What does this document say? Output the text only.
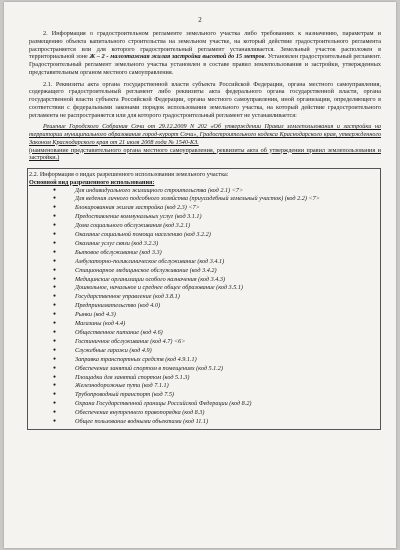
2

2. Информация о градостроительном регламенте земельного участка либо требованиях к назначению, параметрам и размещению объекта капитального строительства на земельном участке, на который действие градостроительного регламента распространяется или для которого градостроительный регламент устанавливается. Земельный участок расположен в территориальной зоне Ж – 2 - малоэтажная жилая застройка высотой до 15 метров. Установлен градостроительный регламент. Градостроительный регламент земельного участка установлен в составе правил землепользования и застройки, утвержденных представительным органом местного самоуправления.

2.1. Реквизиты акта органа государственной власти субъекта Российской Федерации, органа местного самоуправления, содержащего градостроительный регламент либо реквизиты акта федерального органа государственной власти, органа государственной власти субъекта Российской Федерации, органа местного самоуправления, иной организации, определяющего в соответствии с федеральными законами порядок использования земельного участка, на который действие градостроительного регламента не распространяется или для которого градостроительный регламент не устанавливается:

Решение Городского Собрания Сочи от 29.12.2009 N 202 «Об утверждении Правил землепользования и застройки на территории муниципального образования город-курорт Сочи», Градостроительного кодекса Краснодарского края, утвержденного Законом Краснодарского края от 21 июля 2008 года № 1540-КЗ.

(наименование представительного органа местного самоуправления, реквизиты акта об утверждении правил землепользования и застройки.)

2.2. Информация о видах разрешенного использования земельного участка:

Основной вид разрешенного использования:

●	Для индивидуального жилищного строительства (код 2.1) <7>
●	Для ведения личного подсобного хозяйства (приусадебный земельный участок) (код 2.2) <7>
●	Блокированная жилая застройка (код 2.3) <7>
●	Предоставление коммунальных услуг (код 3.1.1)
●	Дома социального обслуживания (код 3.2.1)
●	Оказание социальной помощи населению (код 3.2.2)
●	Оказание услуг связи (код 3.2.3)
●	Бытовое обслуживание (код 3.3)
●	Амбулаторно-поликлиническое обслуживание (код 3.4.1)
●	Стационарное медицинское обслуживание (код 3.4.2)
●	Медицинские организации особого назначения (код 3.4.3)
●	Дошкольное, начальное и среднее общее образование (код 3.5.1)
●	Государственное управление (код 3.8.1)
●	Предпринимательство (код 4.0)
●	Рынки (код 4.3)
●	Магазины (код 4.4)
●	Общественное питание (код 4.6)
●	Гостиничное обслуживание (код 4.7) <6>
●	Служебные гаражи (код 4.9)
●	Заправка транспортных средств (код 4.9.1.1)
●	Обеспечение занятий спортом в помещениях (код 5.1.2)
●	Площадки для занятий спортом (код 5.1.3)
●	Железнодорожные пути (код 7.1.1)
●	Трубопроводный транспорт (код 7.5)
●	Охрана Государственной границы Российской Федерации (код 8.2)
●	Обеспечение внутреннего правопорядка (код 8.3)
●	Общее пользование водными объектами (код 11.1)
